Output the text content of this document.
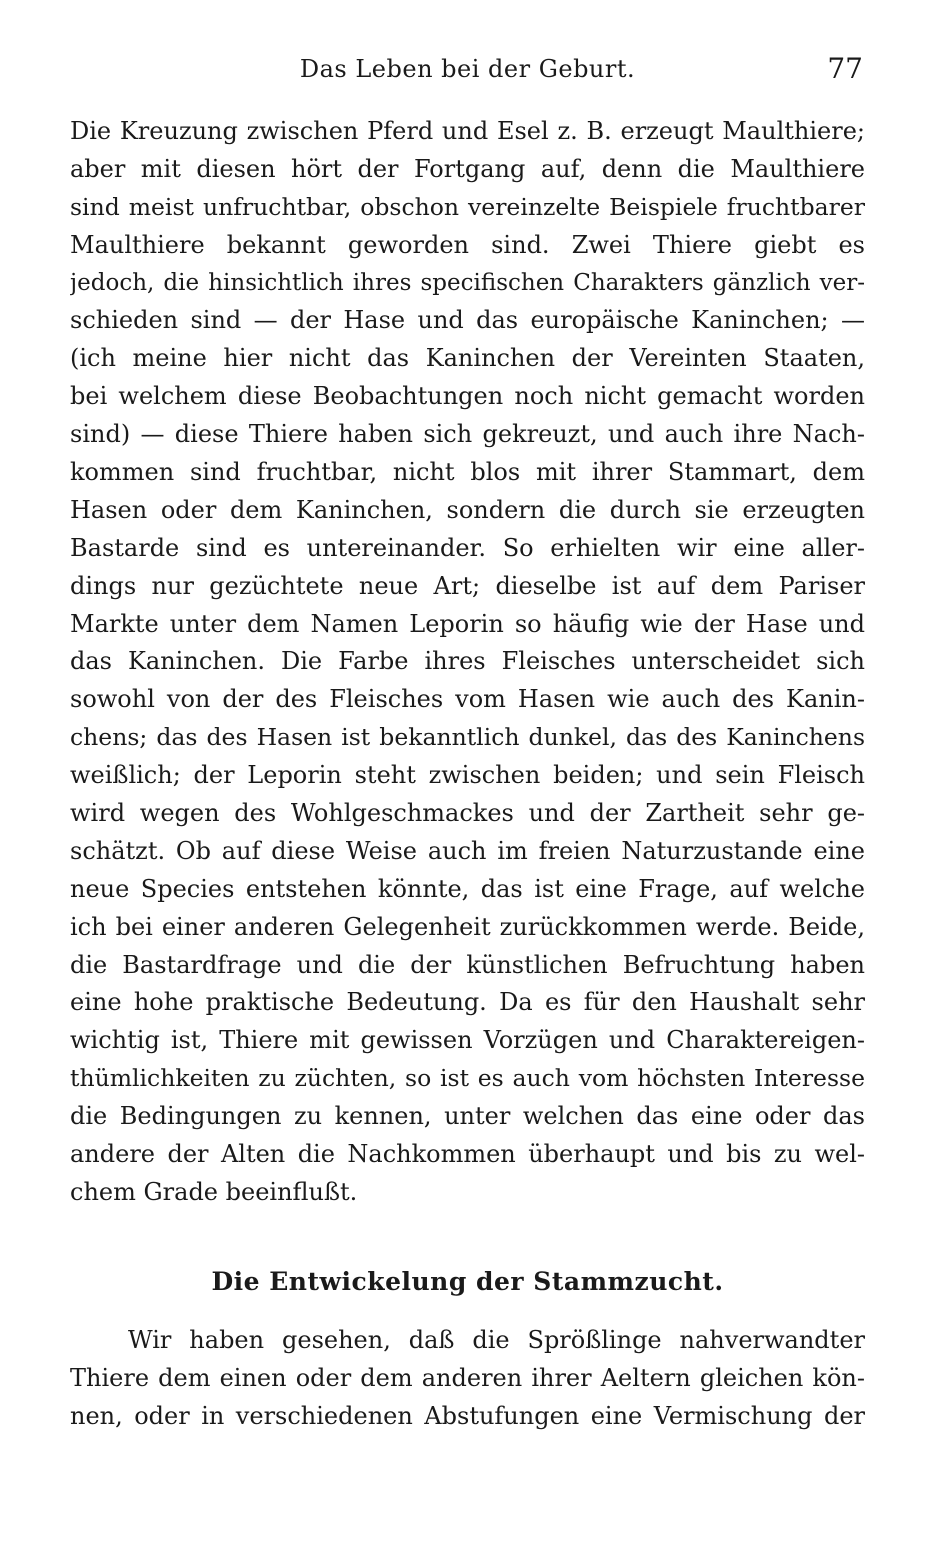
Das Leben bei der Geburt.	77
Die Kreuzung zwischen Pferd und Esel z. B. erzeugt Maulthiere;
aber mit diesen hört der Fortgang auf, denn die Maulthiere
sind meist unfruchtbar, obschon vereinzelte Beispiele fruchtbarer
Maulthiere bekannt geworden sind. Zwei Thiere giebt es
jedoch, die hinsichtlich ihres specifischen Charakters gänzlich ver-
schieden sind — der Hase und das europäische Kaninchen; —
(ich meine hier nicht das Kaninchen der Vereinten Staaten,
bei welchem diese Beobachtungen noch nicht gemacht worden
sind) — diese Thiere haben sich gekreuzt, und auch ihre Nach-
kommen sind fruchtbar, nicht blos mit ihrer Stammart, dem
Hasen oder dem Kaninchen, sondern die durch sie erzeugten
Bastarde sind es untereinander. So erhielten wir eine aller-
dings nur gezüchtete neue Art; dieselbe ist auf dem Pariser
Markte unter dem Namen Leporin so häufig wie der Hase und
das Kaninchen. Die Farbe ihres Fleisches unterscheidet sich
sowohl von der des Fleisches vom Hasen wie auch des Kanin-
chens; das des Hasen ist bekanntlich dunkel, das des Kaninchens
weißlich; der Leporin steht zwischen beiden; und sein Fleisch
wird wegen des Wohlgeschmackes und der Zartheit sehr ge-
schätzt. Ob auf diese Weise auch im freien Naturzustande eine
neue Species entstehen könnte, das ist eine Frage, auf welche
ich bei einer anderen Gelegenheit zurückkommen werde. Beide,
die Bastardfrage und die der künstlichen Befruchtung haben
eine hohe praktische Bedeutung. Da es für den Haushalt sehr
wichtig ist, Thiere mit gewissen Vorzügen und Charaktereigen-
thümlichkeiten zu züchten, so ist es auch vom höchsten Interesse
die Bedingungen zu kennen, unter welchen das eine oder das
andere der Alten die Nachkommen überhaupt und bis zu wel-
chem Grade beeinflußt.
Die Entwickelung der Stammzucht.
Wir haben gesehen, daß die Sprößlinge nahverwandter
Thiere dem einen oder dem anderen ihrer Aeltern gleichen kön-
nen, oder in verschiedenen Abstufungen eine Vermischung der
